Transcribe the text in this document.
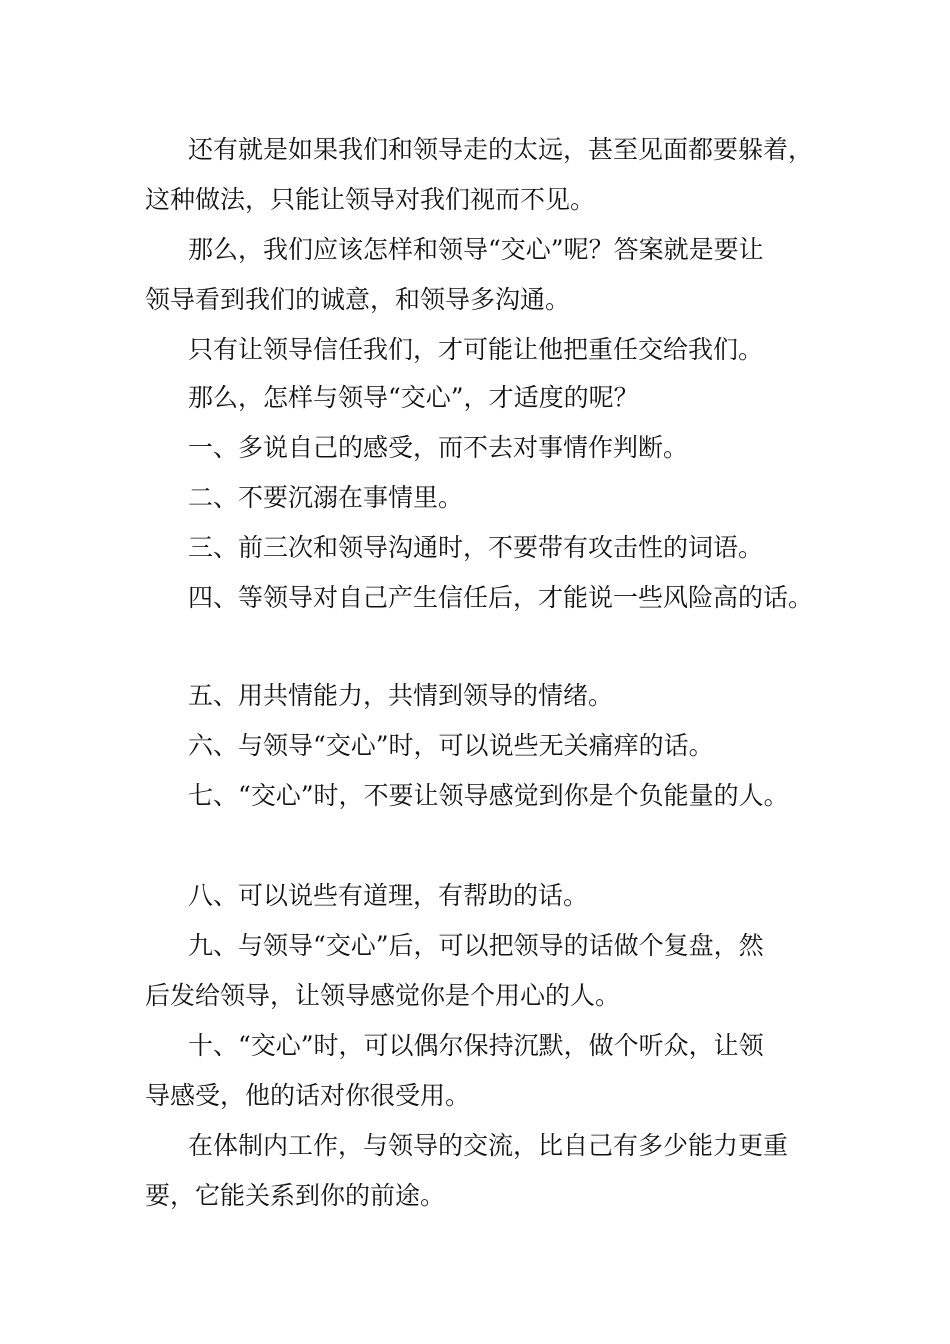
还有就是如果我们和领导走的太远，甚至见面都要躲着，
这种做法，只能让领导对我们视而不见。
那么，我们应该怎样和领导“交心”呢？答案就是要让
领导看到我们的诚意，和领导多沟通。
只有让领导信任我们，才可能让他把重任交给我们。
那么，怎样与领导“交心”，才适度的呢？
一、多说自己的感受，而不去对事情作判断。
二、不要沉溺在事情里。
三、前三次和领导沟通时，不要带有攻击性的词语。
四、等领导对自己产生信任后，才能说一些风险高的话。
五、用共情能力，共情到领导的情绪。
六、与领导“交心”时，可以说些无关痛痒的话。
七、“交心”时，不要让领导感觉到你是个负能量的人。
八、可以说些有道理，有帮助的话。
九、与领导“交心”后，可以把领导的话做个复盘，然
后发给领导，让领导感觉你是个用心的人。
十、“交心”时，可以偶尔保持沉默，做个听众，让领
导感受，他的话对你很受用。
在体制内工作，与领导的交流，比自己有多少能力更重
要，它能关系到你的前途。
